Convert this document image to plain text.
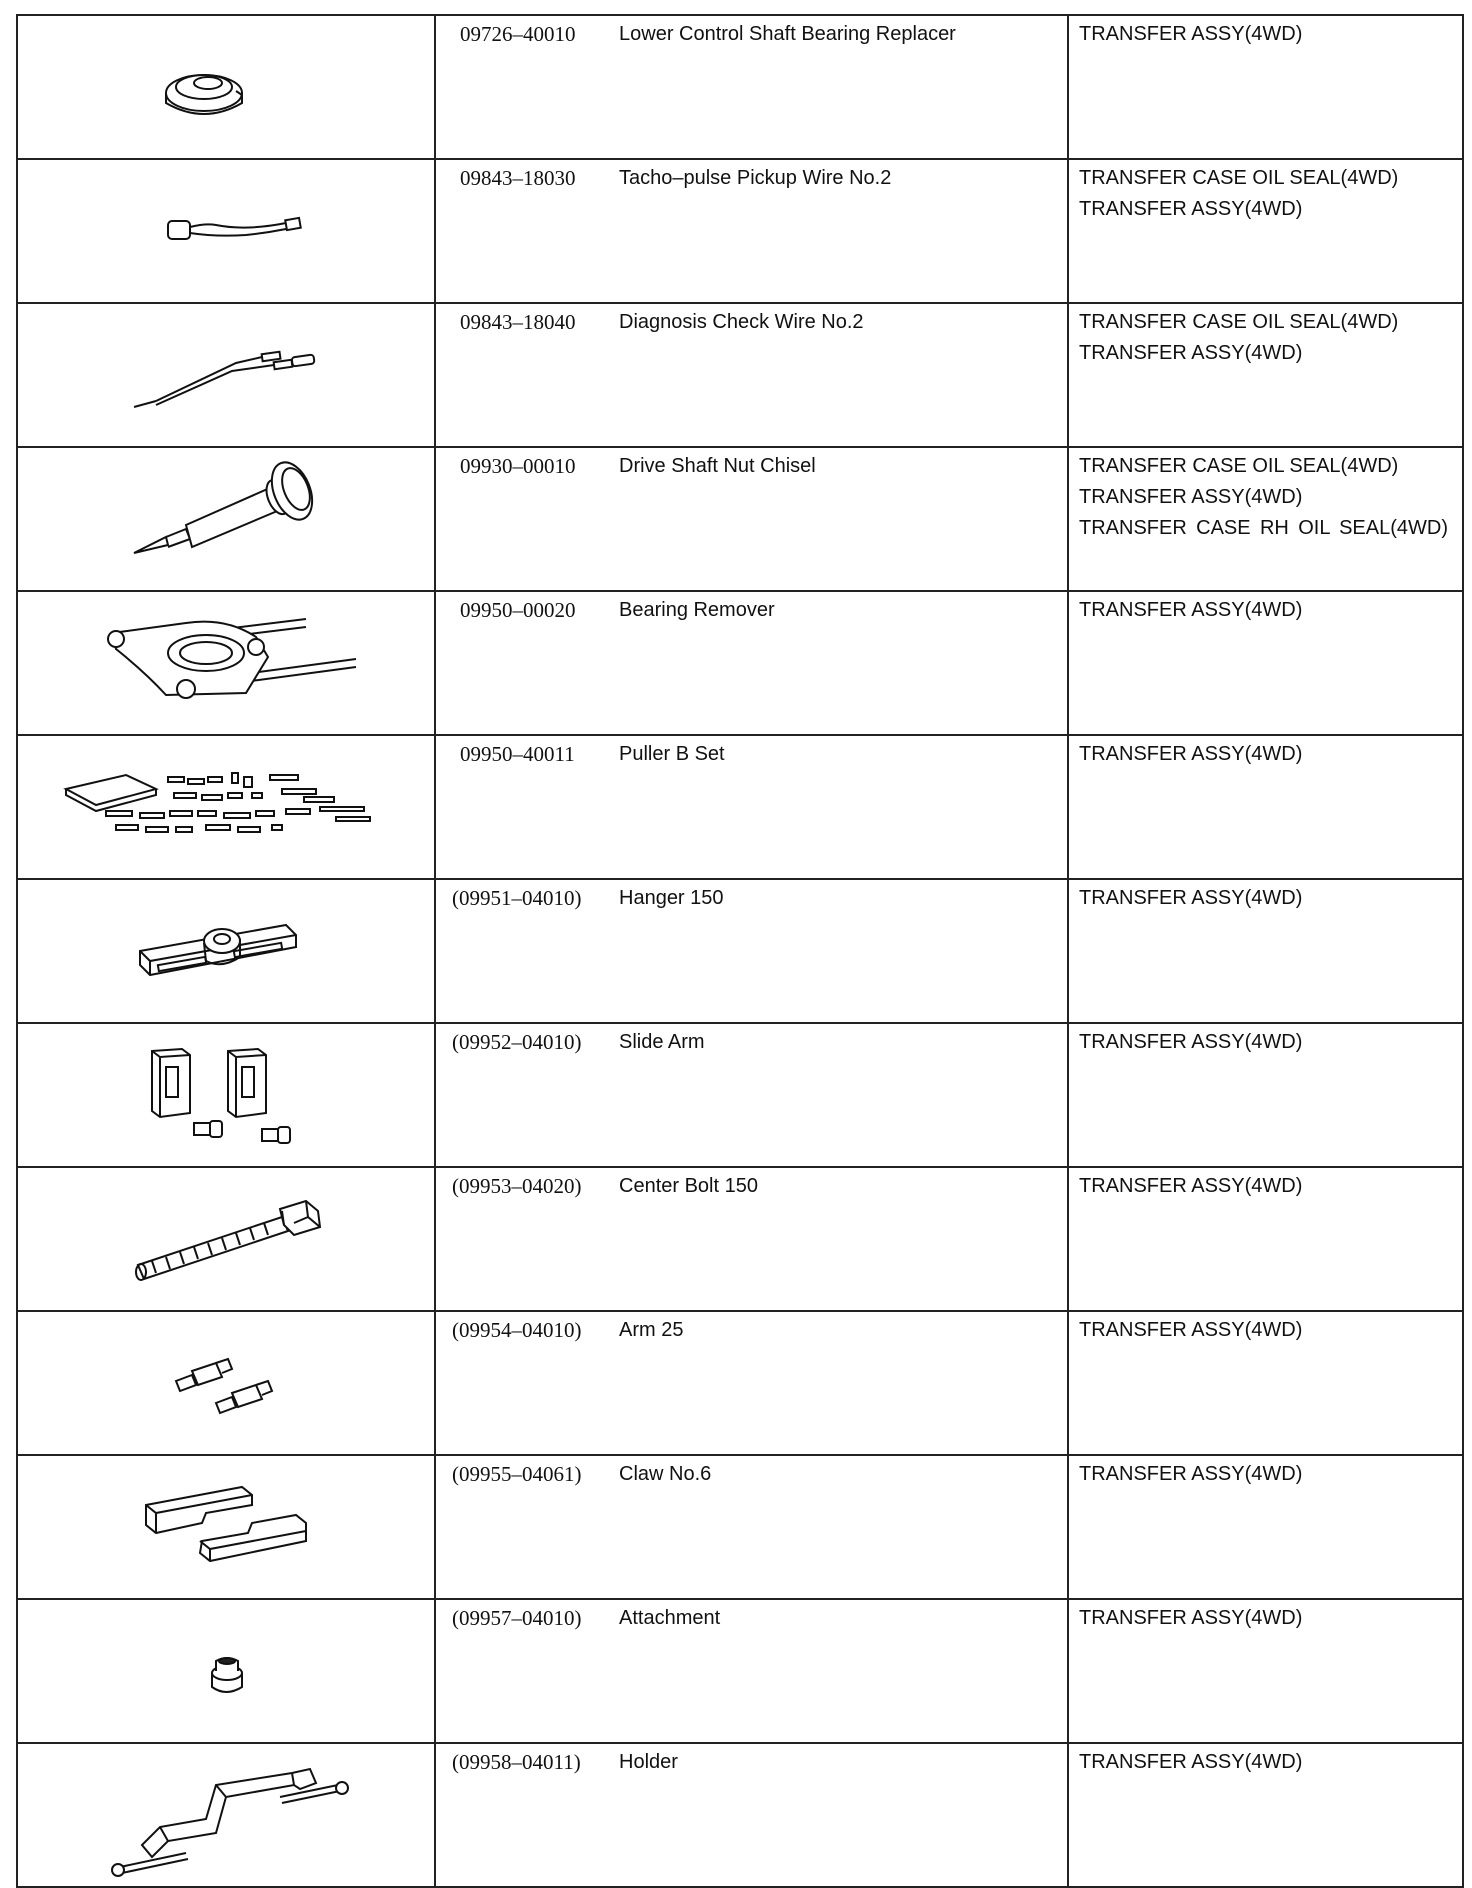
09726–40010	Lower Control Shaft Bearing Replacer	TRANSFER ASSY(4WD)

09843–18030	Tacho–pulse Pickup Wire No.2	TRANSFER CASE OIL SEAL(4WD)
TRANSFER ASSY(4WD)

09843–18040	Diagnosis Check Wire No.2	TRANSFER CASE OIL SEAL(4WD)
TRANSFER ASSY(4WD)

09930–00010	Drive Shaft Nut Chisel	TRANSFER CASE OIL SEAL(4WD)
TRANSFER ASSY(4WD)
TRANSFER CASE RH OIL SEAL(4WD)

09950–00020	Bearing Remover	TRANSFER ASSY(4WD)

09950–40011	Puller B Set	TRANSFER ASSY(4WD)

(09951–04010)	Hanger 150	TRANSFER ASSY(4WD)

(09952–04010)	Slide Arm	TRANSFER ASSY(4WD)

(09953–04020)	Center Bolt 150	TRANSFER ASSY(4WD)

(09954–04010)	Arm 25	TRANSFER ASSY(4WD)

(09955–04061)	Claw No.6	TRANSFER ASSY(4WD)

(09957–04010)	Attachment	TRANSFER ASSY(4WD)

(09958–04011)	Holder	TRANSFER ASSY(4WD)
